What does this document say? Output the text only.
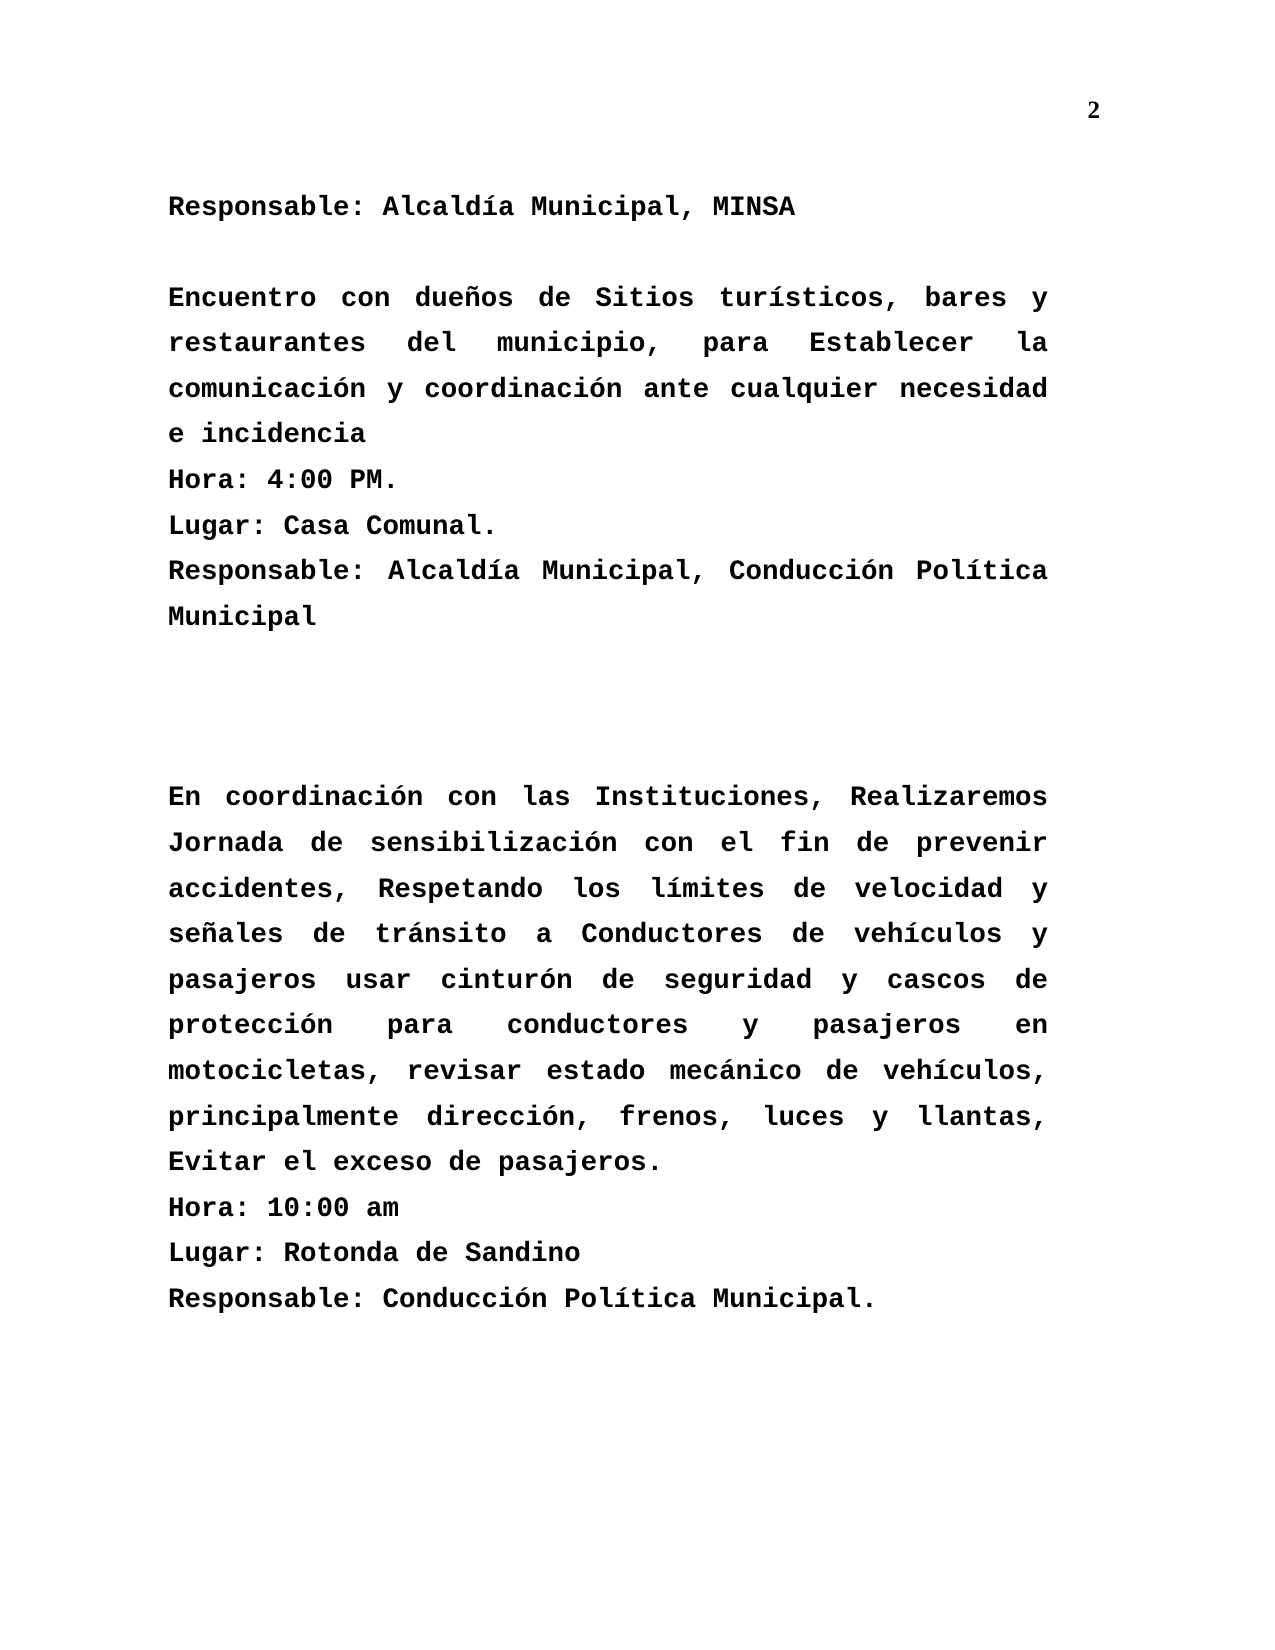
2

Responsable: Alcaldía Municipal, MINSA

Encuentro con dueños de Sitios turísticos, bares y restaurantes del municipio, para Establecer la comunicación y coordinación ante cualquier necesidad e incidencia

Hora: 4:00 PM.

Lugar: Casa Comunal.

Responsable: Alcaldía Municipal, Conducción Política Municipal

En coordinación con las Instituciones, Realizaremos Jornada de sensibilización con el fin de prevenir accidentes, Respetando los límites de velocidad y señales de tránsito a Conductores de vehículos y pasajeros usar cinturón de seguridad y cascos de protección para conductores y pasajeros en motocicletas, revisar estado mecánico de vehículos, principalmente dirección, frenos, luces y llantas, Evitar el exceso de pasajeros.

Hora: 10:00 am

Lugar: Rotonda de Sandino

Responsable: Conducción Política Municipal.
